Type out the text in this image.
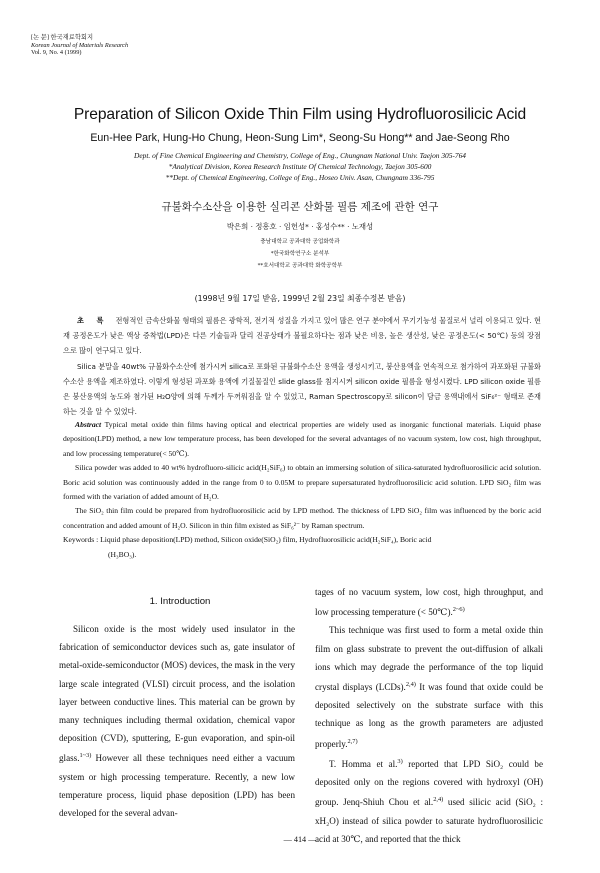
[논 문] 한국재료학회지
Korean Journal of Materials Research
Vol. 9, No. 4 (1999)
Preparation of Silicon Oxide Thin Film using Hydrofluorosilicic Acid
Eun-Hee Park, Hung-Ho Chung, Heon-Sung Lim*, Seong-Su Hong** and Jae-Seong Rho
Dept. of Fine Chemical Engineering and Chemistry, College of Eng., Chungnam National Univ. Taejon 305-764
*Analytical Division, Korea Research Institute Of Chemical Technology, Taejon 305-600
**Dept. of Chemical Engineering, College of Eng., Hoseo Univ. Asan, Chungnam 336-795
규불화수소산을 이용한 실리콘 산화물 필름 제조에 관한 연구
박은희 · 정흥호 · 임헌성* · 홍성수** · 노재성
충남대학교 공과대학 공업화학과
*한국화학연구소 분석부
**호서대학교 공과대학 화학공학부
(1998년 9월 17일 받음, 1999년 2월 23일 최종수정본 받음)

초     록 전형적인 금속산화물 형태의 필름은 광학적, 전기적 성질을 가지고 있어 많은 연구 분야에서 무기기능성 물질로서 널리 이용되고 있다. 현재 공정온도가 낮은 액상 증착법(LPD)은 다른 기술들과 달리 진공상태가 불필요하다는 점과 낮은 비용, 높은 생산성, 낮은 공정온도(< 50℃) 등의 장점으로 많이 연구되고 있다.

Silica 분말을 40wt% 규불화수소산에 첨가시켜 silica로 포화된 규불화수소산 용액을 생성시키고, 붕산용액을 연속적으로 첨가하여 과포화된 규불화수소산 용액을 제조하였다. 이렇게 형성된 과포화 용액에 기질물질인 slide glass를 침지시켜 silicon oxide 필름을 형성시켰다. LPD silicon oxide 필름은 붕산용액의 농도와 첨가된 H₂O양에 의해 두께가 두꺼워짐을 알 수 있었고, Raman Spectroscopy로 silicon이 담금 용액내에서 SiF₆²⁻ 형태로 존재하는 것을 알 수 있었다.

Abstract Typical metal oxide thin films having optical and electrical properties are widely used as inorganic functional materials. Liquid phase deposition(LPD) method, a new low temperature process, has been developed for the several advantages of no vacuum system, low cost, high throughput, and low processing temperature(< 50℃).

Silica powder was added to 40 wt% hydrofluoro-silicic acid(H₂SiF₆) to obtain an immersing solution of silica-saturated hydrofluorosilicic acid solution. Boric acid solution was continuously added in the range from 0 to 0.05M to prepare supersaturated hydrofluorosilicic acid solution. LPD SiO₂ film was formed with the variation of added amount of H₂O.

The SiO₂ thin film could be prepared from hydrofluorosilicic acid by LPD method. The thickness of LPD SiO₂ film was influenced by the boric acid concentration and added amount of H₂O. Silicon in thin film existed as SiF₆²⁻ by Raman spectrum.

Keywords : Liquid phase deposition(LPD) method, Silicon oxide(SiO₂) film, Hydrofluorosilicic acid(H₂SiF₄), Boric acid

(H₃BO₃).

1. Introduction

Silicon oxide is the most widely used insulator in the fabrication of semiconductor devices such as, gate insulator of metal-oxide-semiconductor (MOS) devices, the mask in the very large scale integrated (VLSI) circuit process, and the isolation layer between conductive lines. This material can be grown by many techniques including thermal oxidation, chemical vapor deposition (CVD), sputtering, E-gun evaporation, and spin-oil glass.$^{1\sim 3)}$ However all these techniques need either a vacuum system or high processing temperature. Recently, a new low temperature process, liquid phase deposition (LPD) has been developed for the several advan-

tages of no vacuum system, low cost, high throughput, and low processing temperature (< 50℃).$^{2\sim 6)}$

This technique was first used to form a metal oxide thin film on glass substrate to prevent the out-diffusion of alkali ions which may degrade the performance of the top liquid crystal displays (LCDs).$^{2,4)}$ It was found that oxide could be deposited selectively on the substrate surface with this technique as long as the growth parameters are adjusted properly.$^{2,7)}$

T. Homma et al.$^{3)}$ reported that LPD SiO₂ could be deposited only on the regions covered with hydroxyl (OH) group. Jenq-Shiuh Chou et al.$^{2,4)}$ used silicic acid (SiO₂ : xH₂O) instead of silica powder to saturate hydrofluorosilicic acid at 30℃, and reported that the thick

— 414 —
